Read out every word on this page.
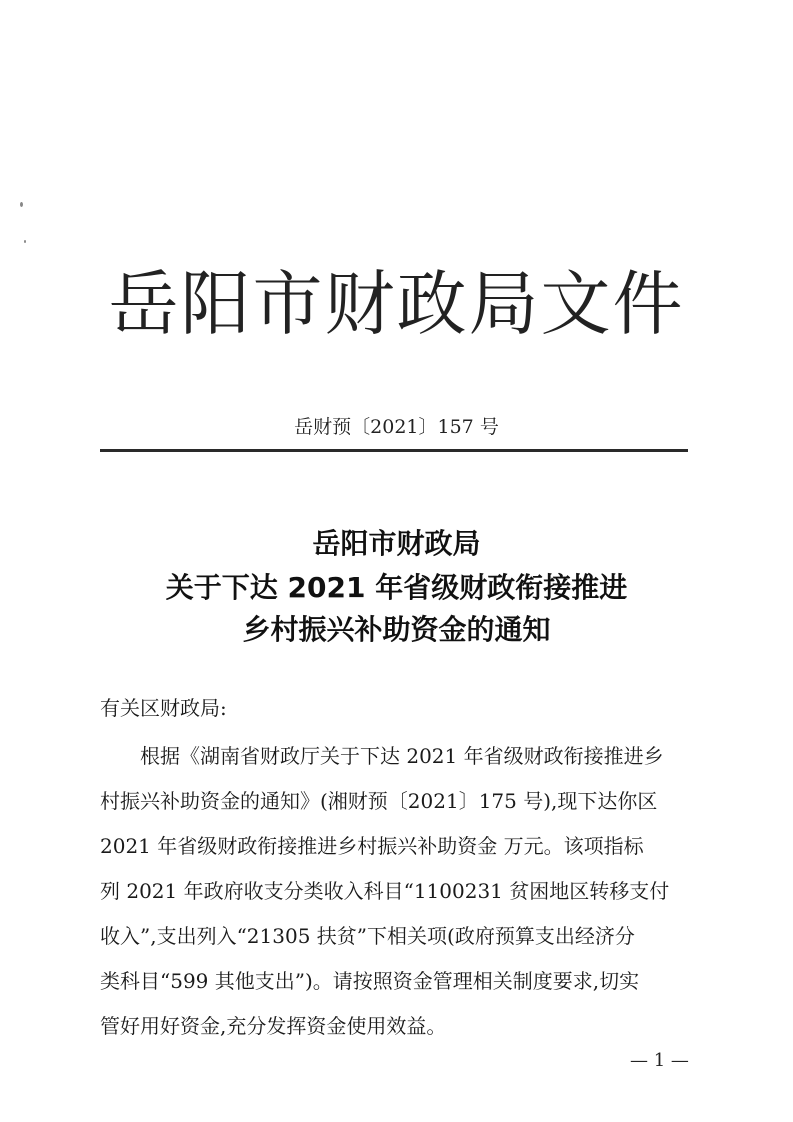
岳阳市财政局文件
岳财预〔2021〕157 号
岳阳市财政局
关于下达 2021 年省级财政衔接推进
乡村振兴补助资金的通知
有关区财政局:
根据《湖南省财政厅关于下达 2021 年省级财政衔接推进乡
村振兴补助资金的通知》(湘财预〔2021〕175 号),现下达你区
2021 年省级财政衔接推进乡村振兴补助资金 万元。该项指标
列 2021 年政府收支分类收入科目“1100231 贫困地区转移支付
收入”,支出列入“21305 扶贫”下相关项(政府预算支出经济分
类科目“599 其他支出”)。请按照资金管理相关制度要求,切实
管好用好资金,充分发挥资金使用效益。
— 1 —
